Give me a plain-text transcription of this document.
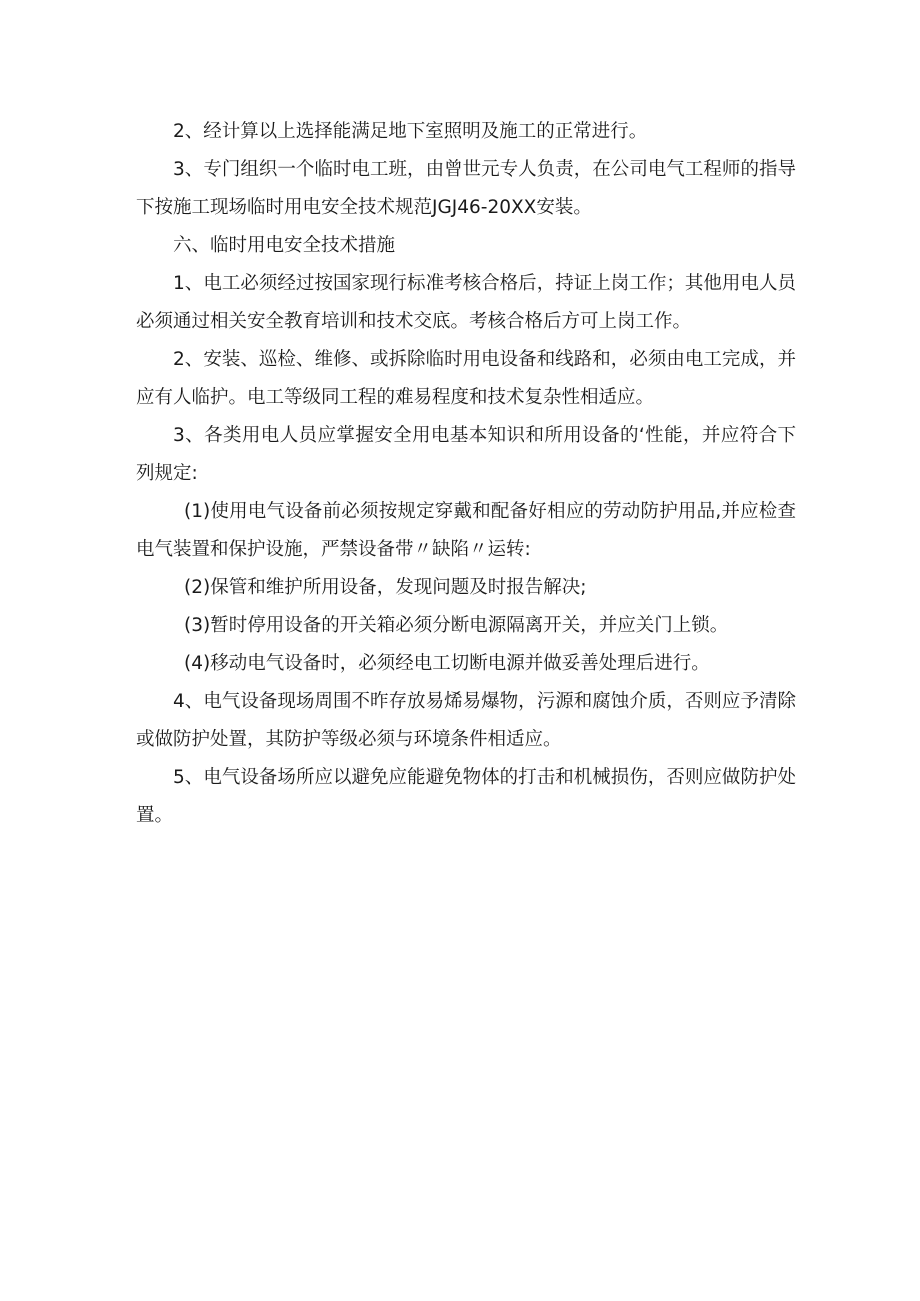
2、经计算以上选择能满足地下室照明及施工的正常进行。

3、专门组织一个临时电工班，由曾世元专人负责，在公司电气工程师的指导下按施工现场临时用电安全技术规范JGJ46-20XX安装。

六、临时用电安全技术措施

1、电工必须经过按国家现行标准考核合格后，持证上岗工作；其他用电人员必须通过相关安全教育培训和技术交底。考核合格后方可上岗工作。

2、安装、巡检、维修、或拆除临时用电设备和线路和，必须由电工完成，并应有人临护。电工等级同工程的难易程度和技术复杂性相适应。

3、各类用电人员应掌握安全用电基本知识和所用设备的‘性能，并应符合下列规定:

(1)使用电气设备前必须按规定穿戴和配备好相应的劳动防护用品,并应检查电气装置和保护设施，严禁设备带〃缺陷〃运转:

(2)保管和维护所用设备，发现问题及时报告解决;

(3)暂时停用设备的开关箱必须分断电源隔离开关，并应关门上锁。

(4)移动电气设备时，必须经电工切断电源并做妥善处理后进行。

4、电气设备现场周围不昨存放易烯易爆物，污源和腐蚀介质，否则应予清除或做防护处置，其防护等级必须与环境条件相适应。

5、电气设备场所应以避免应能避免物体的打击和机械损伤，否则应做防护处置。
